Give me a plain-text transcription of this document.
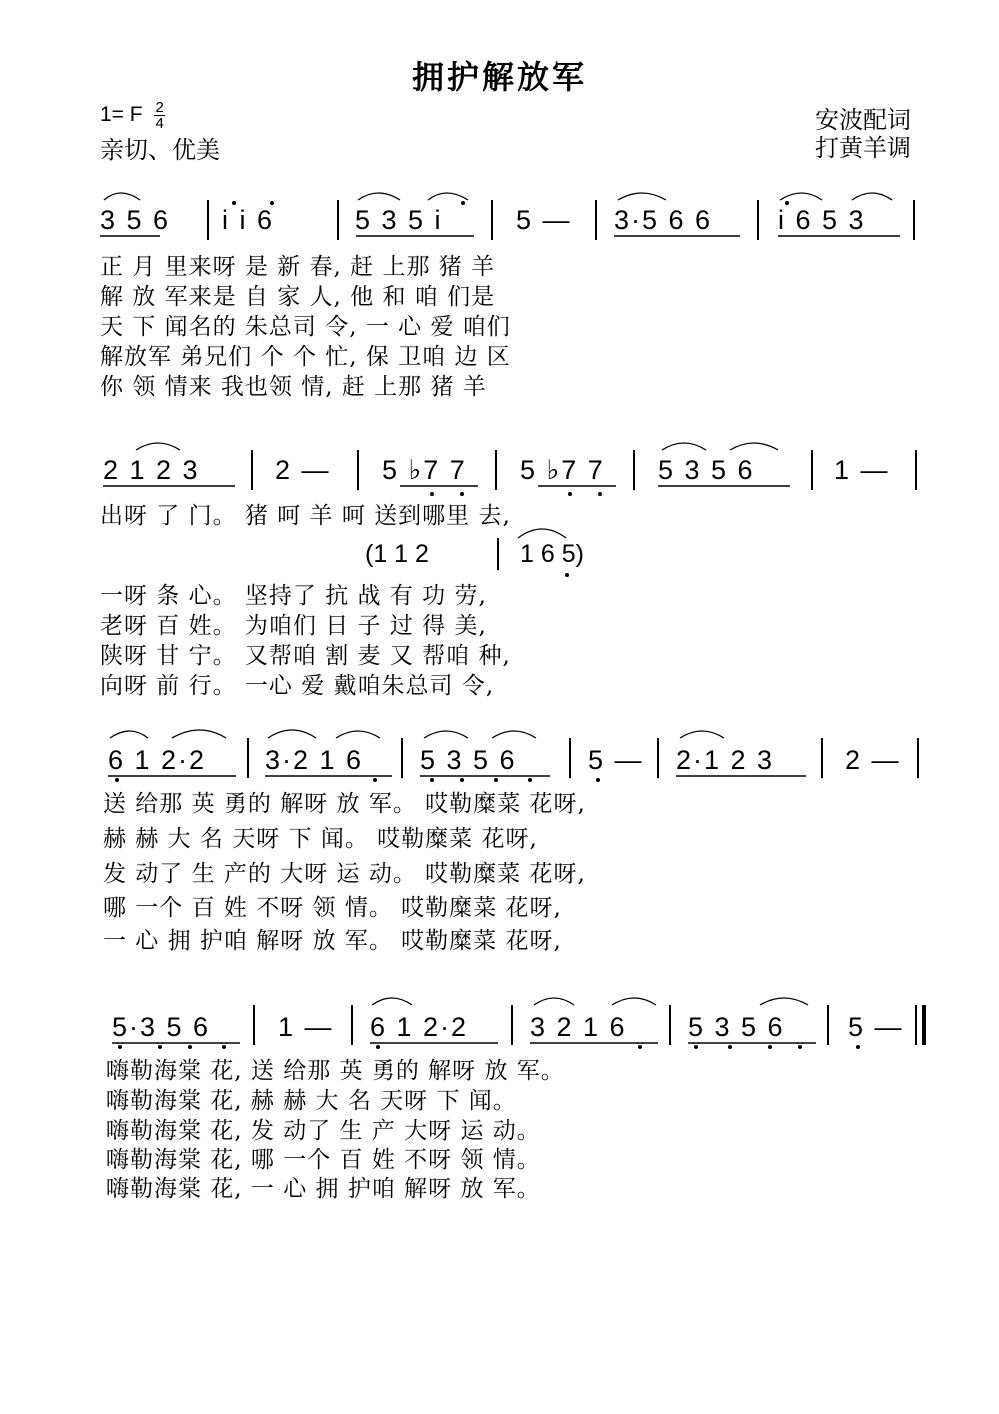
拥护解放军
1= F $\frac{2}{4}$
亲切、优美
安波配词
打黄羊调
3 5 6 i i 6	5 3 5 i	5 — 3·5 6 6 i 6 5 3
正 月 里来呀 是 新 春, 赶 上那 猪 羊
解 放 军来是 自 家 人, 他 和 咱 们是
天 下 闻名的 朱总司 令, 一 心 爱 咱们
解放军 弟兄们 个 个 忙, 保 卫咱 边 区
你 领 情来 我也领 情, 赶 上那 猪 羊
2 1 2 3	2 — 5 ♭7 7 5 ♭7 7 5 3 5 6	1 —
出呀 了 门。 猪 呵 羊 呵 送到哪里 去,
(1 1 2	1 6 5)
一呀 条 心。 坚持了 抗 战 有 功 劳,
老呀 百 姓。 为咱们 日 子 过 得 美,
陕呀 甘 宁。 又帮咱 割 麦 又 帮咱 种,
向呀 前 行。 一心 爱 戴咱朱总司 令,
6 1 2·2 3·2 1 6 5 3 5 6	5 — 2·1 2 3	2 —
送 给那 英 勇的 解呀 放 军。 哎勒糜菜 花呀,
赫 赫 大 名 天呀 下 闻。 哎勒糜菜 花呀,
发 动了 生 产的 大呀 运 动。 哎勒糜菜 花呀,
哪 一个 百 姓 不呀 领 情。 哎勒糜菜 花呀,
一 心 拥 护咱 解呀 放 军。 哎勒糜菜 花呀,
5·3 5 6	1 — 6 1 2·2 3 2 1 6 5 3 5 6 5 —
嗨勒海棠 花, 送 给那 英 勇的 解呀 放 军。
嗨勒海棠 花, 赫 赫 大 名 天呀 下 闻。
嗨勒海棠 花, 发 动了 生 产 大呀 运 动。
嗨勒海棠 花, 哪 一个 百 姓 不呀 领 情。
嗨勒海棠 花, 一 心 拥 护咱 解呀 放 军。
